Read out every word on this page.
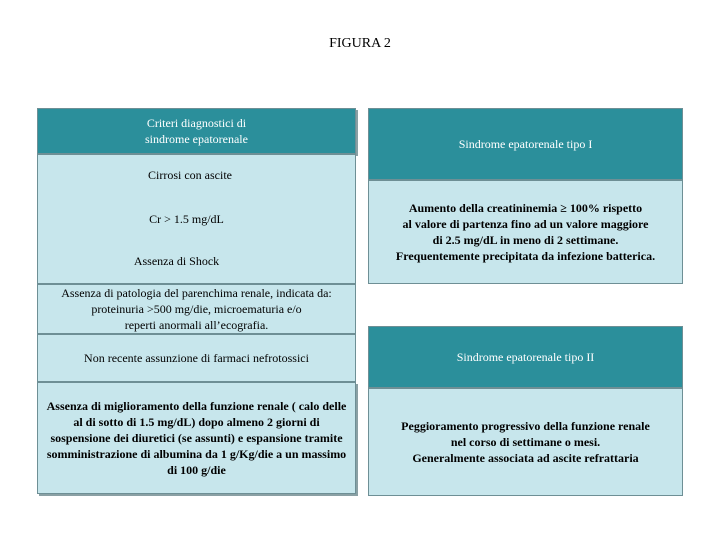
FIGURA 2
Criteri diagnostici di
sindrome epatorenale
Cirrosi con ascite
Cr > 1.5 mg/dL
Assenza di Shock
Assenza di patologia del parenchima renale, indicata da:
proteinuria >500 mg/die, microematuria e/o
reperti anormali all’ecografia.
Non recente assunzione di farmaci nefrotossici
Assenza di miglioramento della funzione renale ( calo delle
al di sotto di 1.5 mg/dL) dopo almeno 2 giorni di
sospensione dei diuretici (se assunti) e espansione tramite
somministrazione di albumina da 1 g/Kg/die a un massimo
di 100 g/die
Sindrome epatorenale tipo I
Aumento della creatininemia ≥ 100% rispetto
al valore di partenza fino ad un valore maggiore
di 2.5 mg/dL in meno di 2 settimane.
Frequentemente precipitata da infezione batterica.
Sindrome epatorenale tipo II
Peggioramento progressivo della funzione renale
nel corso di settimane o mesi.
Generalmente associata ad ascite refrattaria
